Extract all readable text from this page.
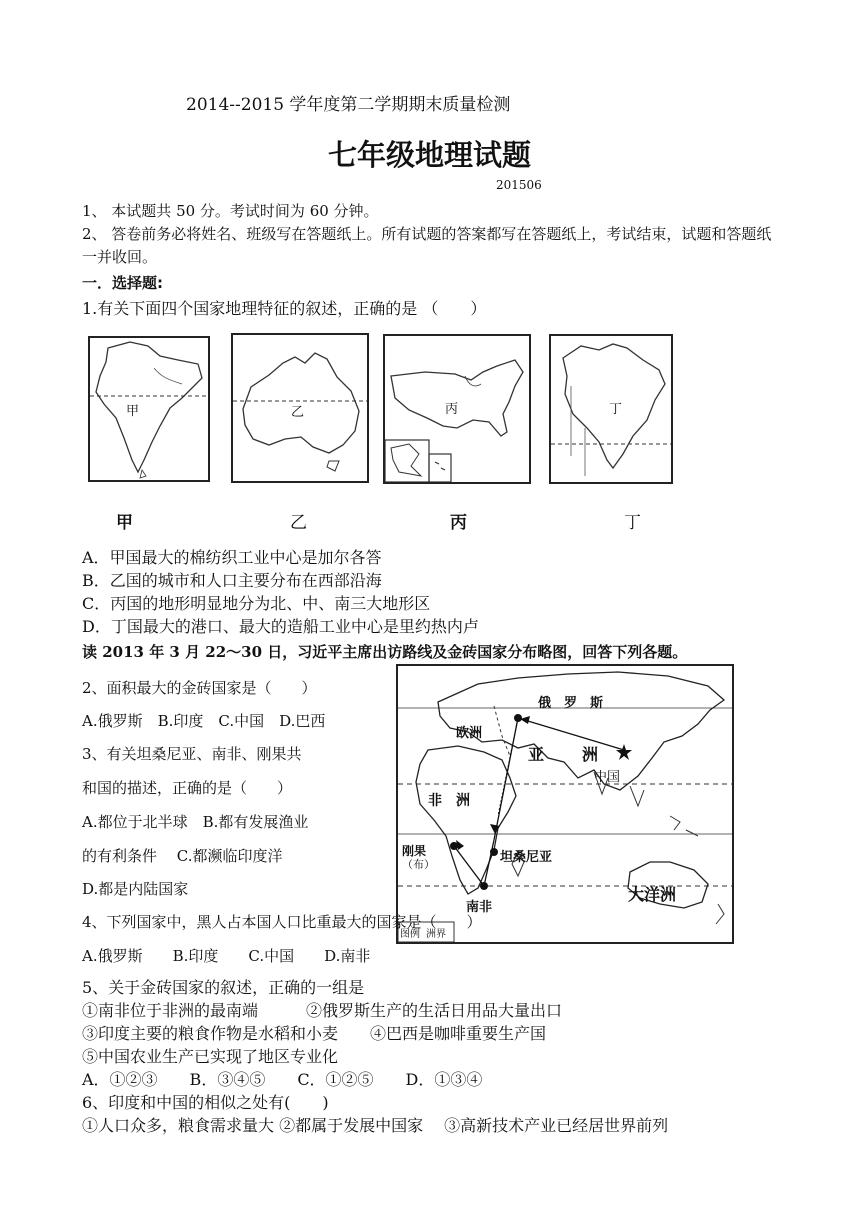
2014--2015 学年度第二学期期末质量检测
七年级地理试题
201506
1、 本试题共 50 分。考试时间为 60 分钟。
2、 答卷前务必将姓名、班级写在答题纸上。所有试题的答案都写在答题纸上，考试结束，试题和答题纸
一并收回。
一．选择题:
1.有关下面四个国家地理特征的叙述，正确的是 （　　）
甲	乙	丙	丁
甲	乙	丙	丁
A．甲国最大的棉纺织工业中心是加尔各答
B．乙国的城市和人口主要分布在西部沿海
C．丙国的地形明显地分为北、中、南三大地形区
D．丁国最大的港口、最大的造船工业中心是里约热内卢
读 2013 年 3 月 22～30 日，习近平主席出访路线及金砖国家分布略图，回答下列各题。
俄　罗　斯
欧洲
亚 洲
中国
非　洲
刚果
（布）	坦桑尼亚
南非
大洋洲
图例 洲界
2、面积最大的金砖国家是（　　）
A.俄罗斯　B.印度　C.中国　D.巴西
3、有关坦桑尼亚、南非、刚果共
和国的描述，正确的是（　　）
A.都位于北半球　B.都有发展渔业
的有利条件　 C.都濒临印度洋
D.都是内陆国家
4、下列国家中，黑人占本国人口比重最大的国家是（　　）
A.俄罗斯　　B.印度　　C.中国　　D.南非
5、关于金砖国家的叙述，正确的一组是
①南非位于非洲的最南端　　　②俄罗斯生产的生活日用品大量出口
③印度主要的粮食作物是水稻和小麦　　④巴西是咖啡重要生产国
⑤中国农业生产已实现了地区专业化
A．①②③　　B．③④⑤　　C．①②⑤　　D．①③④
6、印度和中国的相似之处有(　　)
①人口众多，粮食需求量大 ②都属于发展中国家　 ③高新技术产业已经居世界前列
